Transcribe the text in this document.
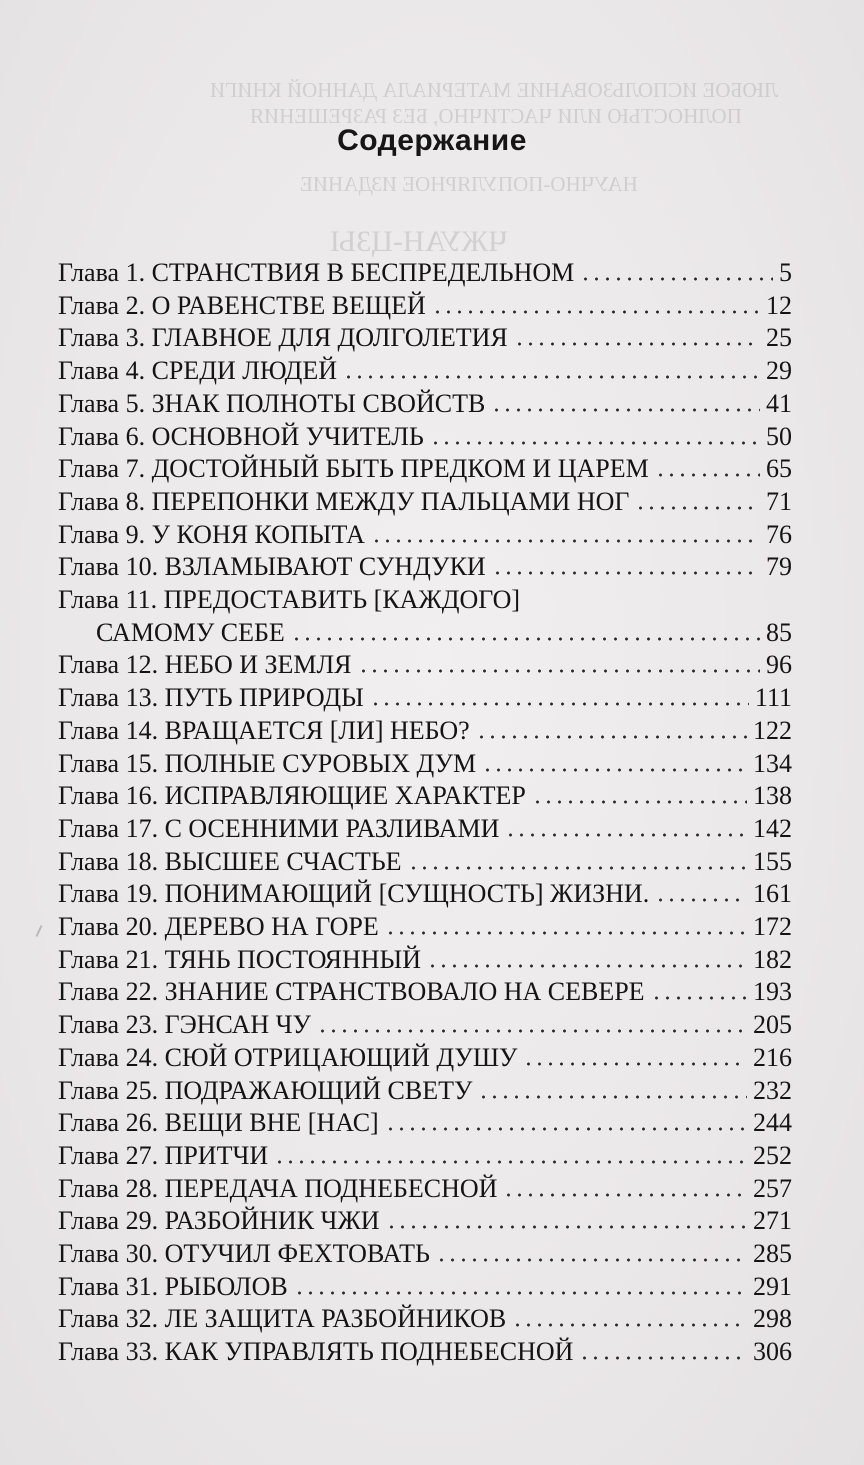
ЛЮБОЕ ИСПОЛЬЗОВАНИЕ МАТЕРИАЛА ДАННОЙ КНИГИ
ПОЛНОСТЬЮ ИЛИ ЧАСТИЧНО, БЕЗ РАЗРЕШЕНИЯ
НАУЧНО-ПОПУЛЯРНОЕ ИЗДАНИЕ
ЧЖУАН-ЦЗЫ
Содержание
Глава 1. СТРАНСТВИЯ В БЕСПРЕДЕЛЬНОМ	5
Глава 2. О РАВЕНСТВЕ ВЕЩЕЙ	12
Глава 3. ГЛАВНОЕ ДЛЯ ДОЛГОЛЕТИЯ	25
Глава 4. СРЕДИ ЛЮДЕЙ	29
Глава 5. ЗНАК ПОЛНОТЫ СВОЙСТВ	41
Глава 6. ОСНОВНОЙ УЧИТЕЛЬ	50
Глава 7. ДОСТОЙНЫЙ БЫТЬ ПРЕДКОМ И ЦАРЕМ	65
Глава 8. ПЕРЕПОНКИ МЕЖДУ ПАЛЬЦАМИ НОГ	71
Глава 9. У КОНЯ КОПЫТА	76
Глава 10. ВЗЛАМЫВАЮТ СУНДУКИ	79
Глава 11. ПРЕДОСТАВИТЬ [КАЖДОГО]
САМОМУ СЕБЕ	85
Глава 12. НЕБО И ЗЕМЛЯ	96
Глава 13. ПУТЬ ПРИРОДЫ	111
Глава 14. ВРАЩАЕТСЯ [ЛИ] НЕБО?	122
Глава 15. ПОЛНЫЕ СУРОВЫХ ДУМ	134
Глава 16. ИСПРАВЛЯЮЩИЕ ХАРАКТЕР	138
Глава 17. С ОСЕННИМИ РАЗЛИВАМИ	142
Глава 18. ВЫСШЕЕ СЧАСТЬЕ	155
Глава 19. ПОНИМАЮЩИЙ [СУЩНОСТЬ] ЖИЗНИ.	161
Глава 20. ДЕРЕВО НА ГОРЕ	172
Глава 21. ТЯНЬ ПОСТОЯННЫЙ	182
Глава 22. ЗНАНИЕ СТРАНСТВОВАЛО НА СЕВЕРЕ	193
Глава 23. ГЭНСАН ЧУ	205
Глава 24. СЮЙ ОТРИЦАЮЩИЙ ДУШУ	216
Глава 25. ПОДРАЖАЮЩИЙ СВЕТУ	232
Глава 26. ВЕЩИ ВНЕ [НАС]	244
Глава 27. ПРИТЧИ	252
Глава 28. ПЕРЕДАЧА ПОДНЕБЕСНОЙ	257
Глава 29. РАЗБОЙНИК ЧЖИ	271
Глава 30. ОТУЧИЛ ФЕХТОВАТЬ	285
Глава 31. РЫБОЛОВ	291
Глава 32. ЛЕ ЗАЩИТА РАЗБОЙНИКОВ	298
Глава 33. КАК УПРАВЛЯТЬ ПОДНЕБЕСНОЙ	306
